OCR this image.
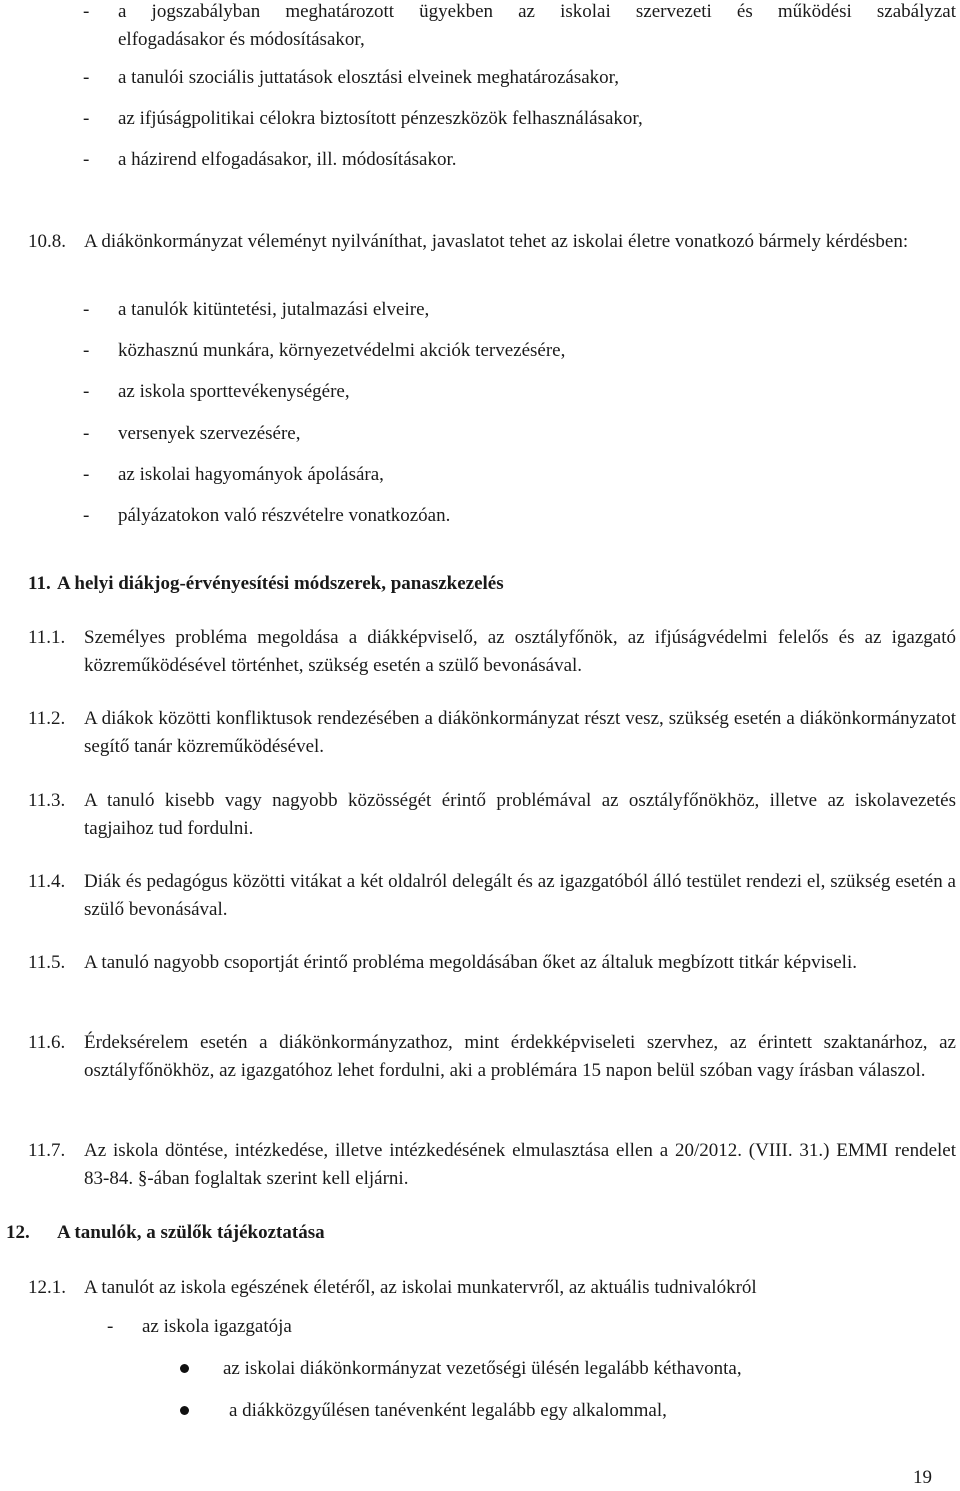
- a jogszabályban meghatározott ügyekben az iskolai szervezeti és működési szabályzat
elfogadásakor és módosításakor,
- a tanulói szociális juttatások elosztási elveinek meghatározásakor,
- az ifjúságpolitikai célokra biztosított pénzeszközök felhasználásakor,
- a házirend elfogadásakor, ill. módosításakor.
10.8. A diákönkormányzat véleményt nyilváníthat, javaslatot tehet az iskolai életre vonatkozó bármely kérdésben:
- a tanulók kitüntetési, jutalmazási elveire,
- közhasznú munkára, környezetvédelmi akciók tervezésére,
- az iskola sporttevékenységére,
- versenyek szervezésére,
- az iskolai hagyományok ápolására,
- pályázatokon való részvételre vonatkozóan.
11. A helyi diákjog-érvényesítési módszerek, panaszkezelés
11.1. Személyes probléma megoldása a diákképviselő, az osztályfőnök, az ifjúságvédelmi felelős és az igazgató közreműködésével történhet, szükség esetén a szülő bevonásával.
11.2. A diákok közötti konfliktusok rendezésében a diákönkormányzat részt vesz, szükség esetén a diákönkormányzatot segítő tanár közreműködésével.
11.3. A tanuló kisebb vagy nagyobb közösségét érintő problémával az osztályfőnökhöz, illetve az iskolavezetés tagjaihoz tud fordulni.
11.4. Diák és pedagógus közötti vitákat a két oldalról delegált és az igazgatóból álló testület rendezi el, szükség esetén a szülő bevonásával.
11.5. A tanuló nagyobb csoportját érintő probléma megoldásában őket az általuk megbízott titkár képviseli.
11.6. Érdeksérelem esetén a diákönkormányzathoz, mint érdekképviseleti szervhez, az érintett szaktanárhoz, az osztályfőnökhöz, az igazgatóhoz lehet fordulni, aki a problémára 15 napon belül szóban vagy írásban válaszol.
11.7. Az iskola döntése, intézkedése, illetve intézkedésének elmulasztása ellen a 20/2012. (VIII. 31.) EMMI rendelet 83-84. §-ában foglaltak szerint kell eljárni.
12. A tanulók, a szülők tájékoztatása
12.1. A tanulót az iskola egészének életéről, az iskolai munkatervről, az aktuális tudnivalókról
- az iskola igazgatója
az iskolai diákönkormányzat vezetőségi ülésén legalább kéthavonta,
a diákközgyűlésen tanévenként legalább egy alkalommal,
19
